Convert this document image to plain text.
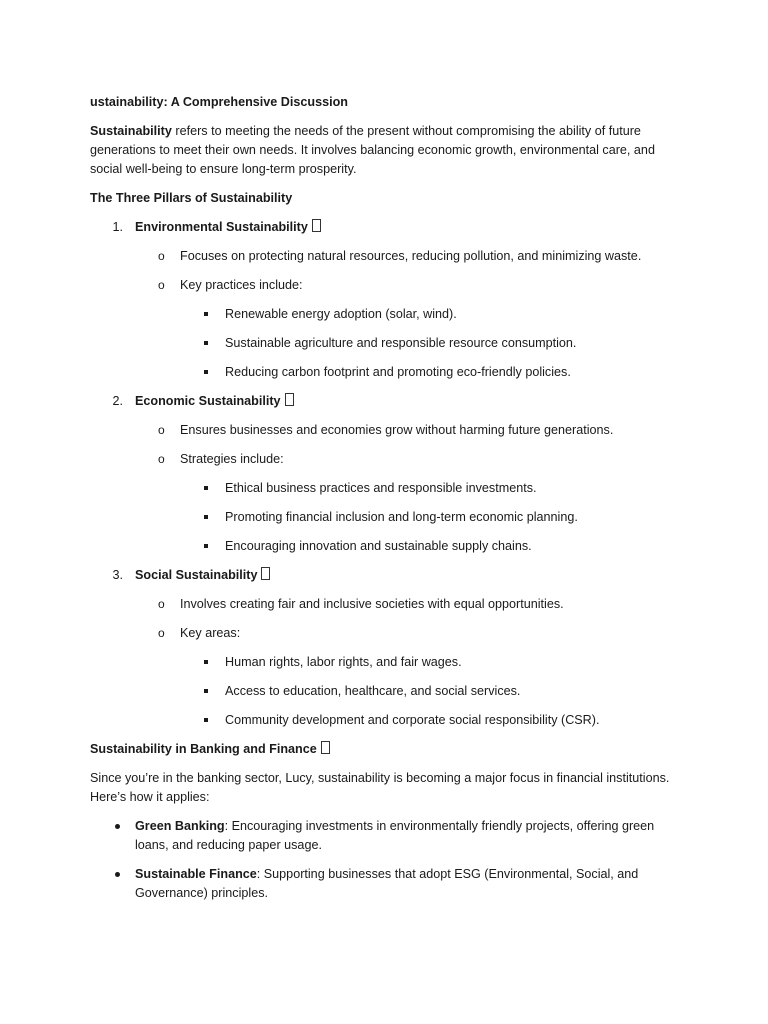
ustainability: A Comprehensive Discussion

Sustainability refers to meeting the needs of the present without compromising the ability of future generations to meet their own needs. It involves balancing economic growth, environmental care, and social well-being to ensure long-term prosperity.

The Three Pillars of Sustainability

1. Environmental Sustainability
o Focuses on protecting natural resources, reducing pollution, and minimizing waste.
o Key practices include:
Renewable energy adoption (solar, wind).
Sustainable agriculture and responsible resource consumption.
Reducing carbon footprint and promoting eco-friendly policies.
2. Economic Sustainability
o Ensures businesses and economies grow without harming future generations.
o Strategies include:
Ethical business practices and responsible investments.
Promoting financial inclusion and long-term economic planning.
Encouraging innovation and sustainable supply chains.
3. Social Sustainability
o Involves creating fair and inclusive societies with equal opportunities.
o Key areas:
Human rights, labor rights, and fair wages.
Access to education, healthcare, and social services.
Community development and corporate social responsibility (CSR).

Sustainability in Banking and Finance

Since you’re in the banking sector, Lucy, sustainability is becoming a major focus in financial institutions. Here’s how it applies:

Green Banking: Encouraging investments in environmentally friendly projects, offering green loans, and reducing paper usage.
Sustainable Finance: Supporting businesses that adopt ESG (Environmental, Social, and Governance) principles.
